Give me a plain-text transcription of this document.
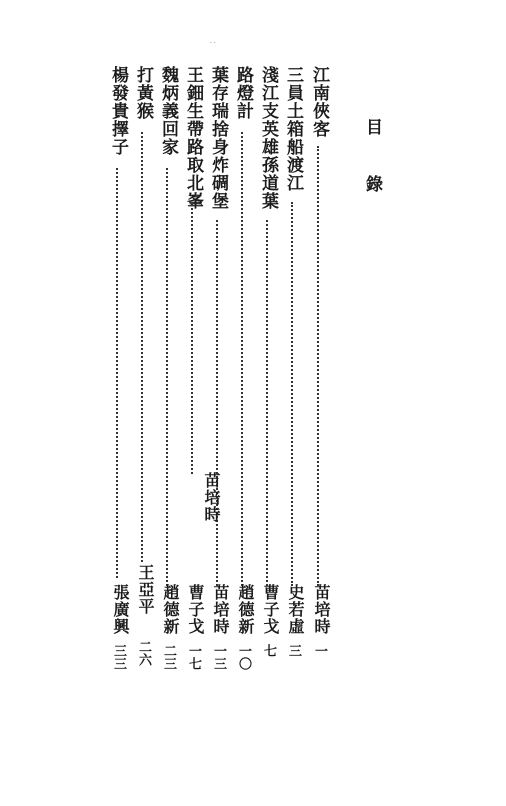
· ·
目錄
江南俠客
苗培時
一
三員土箱船渡江
史若虛
三
淺江支英雄孫道葉
曹子戈
七
路燈計
趙德新
一〇
葉存瑞捨身炸碉堡
苗培時
一三
王鈿生帶路取北峯
曹子戈
一七
魏炳義回家
趙德新
二三
打黃猴
王亞平
二六
楊發貴擇子
張廣興
三三
苗培時
